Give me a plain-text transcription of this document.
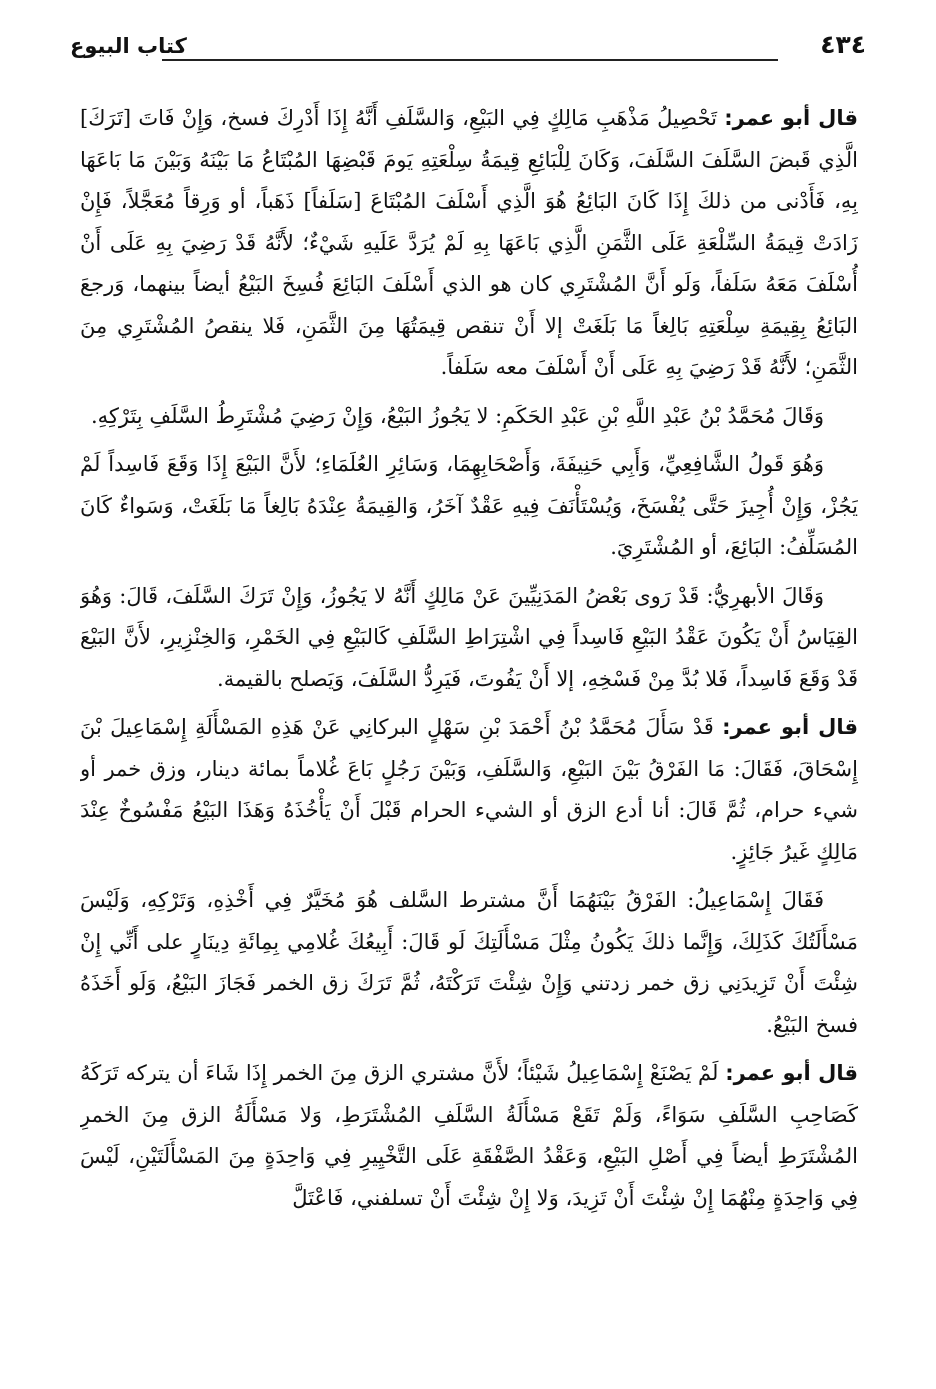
٤٣٤
كتاب البيوع

قال أبو عمر: تَحْصِيلُ مَذْهَبِ مَالِكٍ فِي البَيْعِ، وَالسَّلَفِ أَنَّهُ إِذَا أَدْرِكَ فسخ، وَإِنْ فَاتَ [تَرَكَ] الَّذِي قَبضَ السَّلَفَ السَّلَفَ، وَكَانَ لِلْبَائِعِ قِيمَةُ سِلْعَتِهِ يَومَ قَبْضِهَا المُبْتَاعُ مَا بَيْنَهُ وَبَيْنَ مَا بَاعَهَا بِهِ، فَأَدْنى من ذلكَ إِذَا كَانَ البَائِعُ هُوَ الَّذِي أَسْلَفَ المُبْتَاعَ [سَلَفاً] ذَهَباً، أو وَرِقاً مُعَجَّلاً، فَإِنْ زَادَتْ قِيمَةُ السِّلْعَةِ عَلَى الثَّمَنِ الَّذِي بَاعَهَا بِهِ لَمْ يُرَدَّ عَلَيهِ شَيْءٌ؛ لأَنَّهُ قَدْ رَضِيَ بِهِ عَلَى أَنْ أُسْلَفَ مَعَهُ سَلَفاً، وَلَو أَنَّ المُشْتَرِي كان هو الذي أَسْلَفَ البَائِعَ فُسِخَ البَيْعُ أيضاً بينهما، وَرجعَ البَائِعُ بِقِيمَةِ سِلْعَتِهِ بَالِغاً مَا بَلَغَتْ إلا أَنْ تنقص قِيمَتُهَا مِنَ الثَّمَنِ، فَلا ينقصُ المُشْتَرِي مِنَ الثَّمَنِ؛ لأَنَّهُ قَدْ رَضِيَ بِهِ عَلَى أَنْ أَسْلَفَ معه سَلَفاً.

وَقَالَ مُحَمَّدُ بْنُ عَبْدِ اللَّهِ بْنِ عَبْدِ الحَكَمِ: لا يَجُوزُ البَيْعُ، وَإِنْ رَضِيَ مُشْتَرِطُ السَّلَفِ بِتَرْكِهِ.

وَهُوَ قَولُ الشَّافِعِيِّ، وَأَبِي حَنِيفَةَ، وَأَصْحَابِهِمَا، وَسَائِرِ العُلَمَاءِ؛ لأَنَّ البَيْعَ إِذَا وَقَعَ فَاسِداً لَمْ يَجُزْ، وَإِنْ أُجِيزَ حَتَّى يُفْسَخَ، وَيُسْتَأْنَفَ فِيهِ عَقْدٌ آخَرُ، وَالقِيمَةُ عِنْدَهُ بَالِغاً مَا بَلَغَتْ، وَسَواءٌ كَانَ المُسَلِّفُ: البَائِعَ، أو المُشْتَرِيَ.

وَقَالَ الأبهرِيُّ: قَدْ رَوى بَعْضُ المَدَنِيِّينَ عَنْ مَالِكٍ أَنَّهُ لا يَجُوزُ، وَإِنْ تَرَكَ السَّلَفَ، قَالَ: وَهُوَ القِيَاسُ أَنْ يَكُونَ عَقْدُ البَيْعِ فَاسِداً فِي اشْتِرَاطِ السَّلَفِ كَالبَيْعِ فِي الخَمْرِ، وَالخِنْزِيرِ، لأَنَّ البَيْعَ قَدْ وَقَعَ فَاسِداً، فَلا بُدَّ مِنْ فَسْخِهِ، إلا أَنْ يَفُوتَ، فَيَرِدُّ السَّلَفَ، وَيَصلح بالقيمة.

قال أبو عمر: قَدْ سَأَلَ مُحَمَّدُ بْنُ أَحْمَدَ بْنِ سَهْلٍ البركانِي عَنْ هَذِهِ المَسْأَلَةِ إِسْمَاعِيلَ بْنَ إِسْحَاقَ، فَقَالَ: مَا الفَرْقُ بَيْنَ البَيْعِ، وَالسَّلَفِ، وَبَيْنَ رَجُلٍ بَاعَ غُلاماً بمائة دينار، وزق خمر أو شيء حرام، ثُمَّ قَالَ: أنا أدع الزق أو الشيء الحرام قَبْلَ أَنْ يَأْخُذَهُ وَهَذَا البَيْعُ مَفْسُوخٌ عِنْدَ مَالِكٍ غَيرُ جَائِزٍ.

فَقَالَ إِسْمَاعِيلُ: الفَرْقُ بَيْنَهُمَا أَنَّ مشترط السَّلف هُوَ مُخَيَّرٌ فِي أَخْذِهِ، وَتَرْكِهِ، وَلَيْسَ مَسْأَلَتُكَ كَذَلِكَ، وَإِنَّما ذلكَ يَكُونُ مِثْلَ مَسْأَلَتِكَ لَو قَالَ: أَبِيعُكَ غُلامِي بِمِائَةِ دِينَارٍ على أَنِّي إِنْ شِئْتَ أَنْ تَزِيدَنِي زق خمر زدتني وَإِنْ شِئْتَ تَرَكْتَهُ، ثُمَّ تَرَكَ زق الخمر فَجَازَ البَيْعُ، وَلَو أَخَذَهُ فسخ البَيْعُ.

قال أبو عمر: لَمْ يَصْنَعْ إِسْمَاعِيلُ شَيْئاً؛ لأَنَّ مشتري الزق مِنَ الخمر إِذَا شَاءَ أن يتركه تَرَكَهُ كَصَاحِبِ السَّلَفِ سَوَاءً، وَلَمْ تَقَعْ مَسْأَلَةُ السَّلَفِ المُشْتَرَطِ، وَلا مَسْأَلَةُ الزق مِنَ الخمرِ المُشْتَرَطِ أيضاً فِي أَصْلِ البَيْعِ، وَعَقْدُ الصَّفْقَةِ عَلَى التَّخْيِيرِ فِي وَاحِدَةٍ مِنَ المَسْأَلَتَيْنِ، لَيْسَ فِي وَاحِدَةٍ مِنْهُمَا إِنْ شِئْتَ أَنْ تَزِيدَ، وَلا إِنْ شِئْتَ أَنْ تسلفني، فَاعْتَلَّ
